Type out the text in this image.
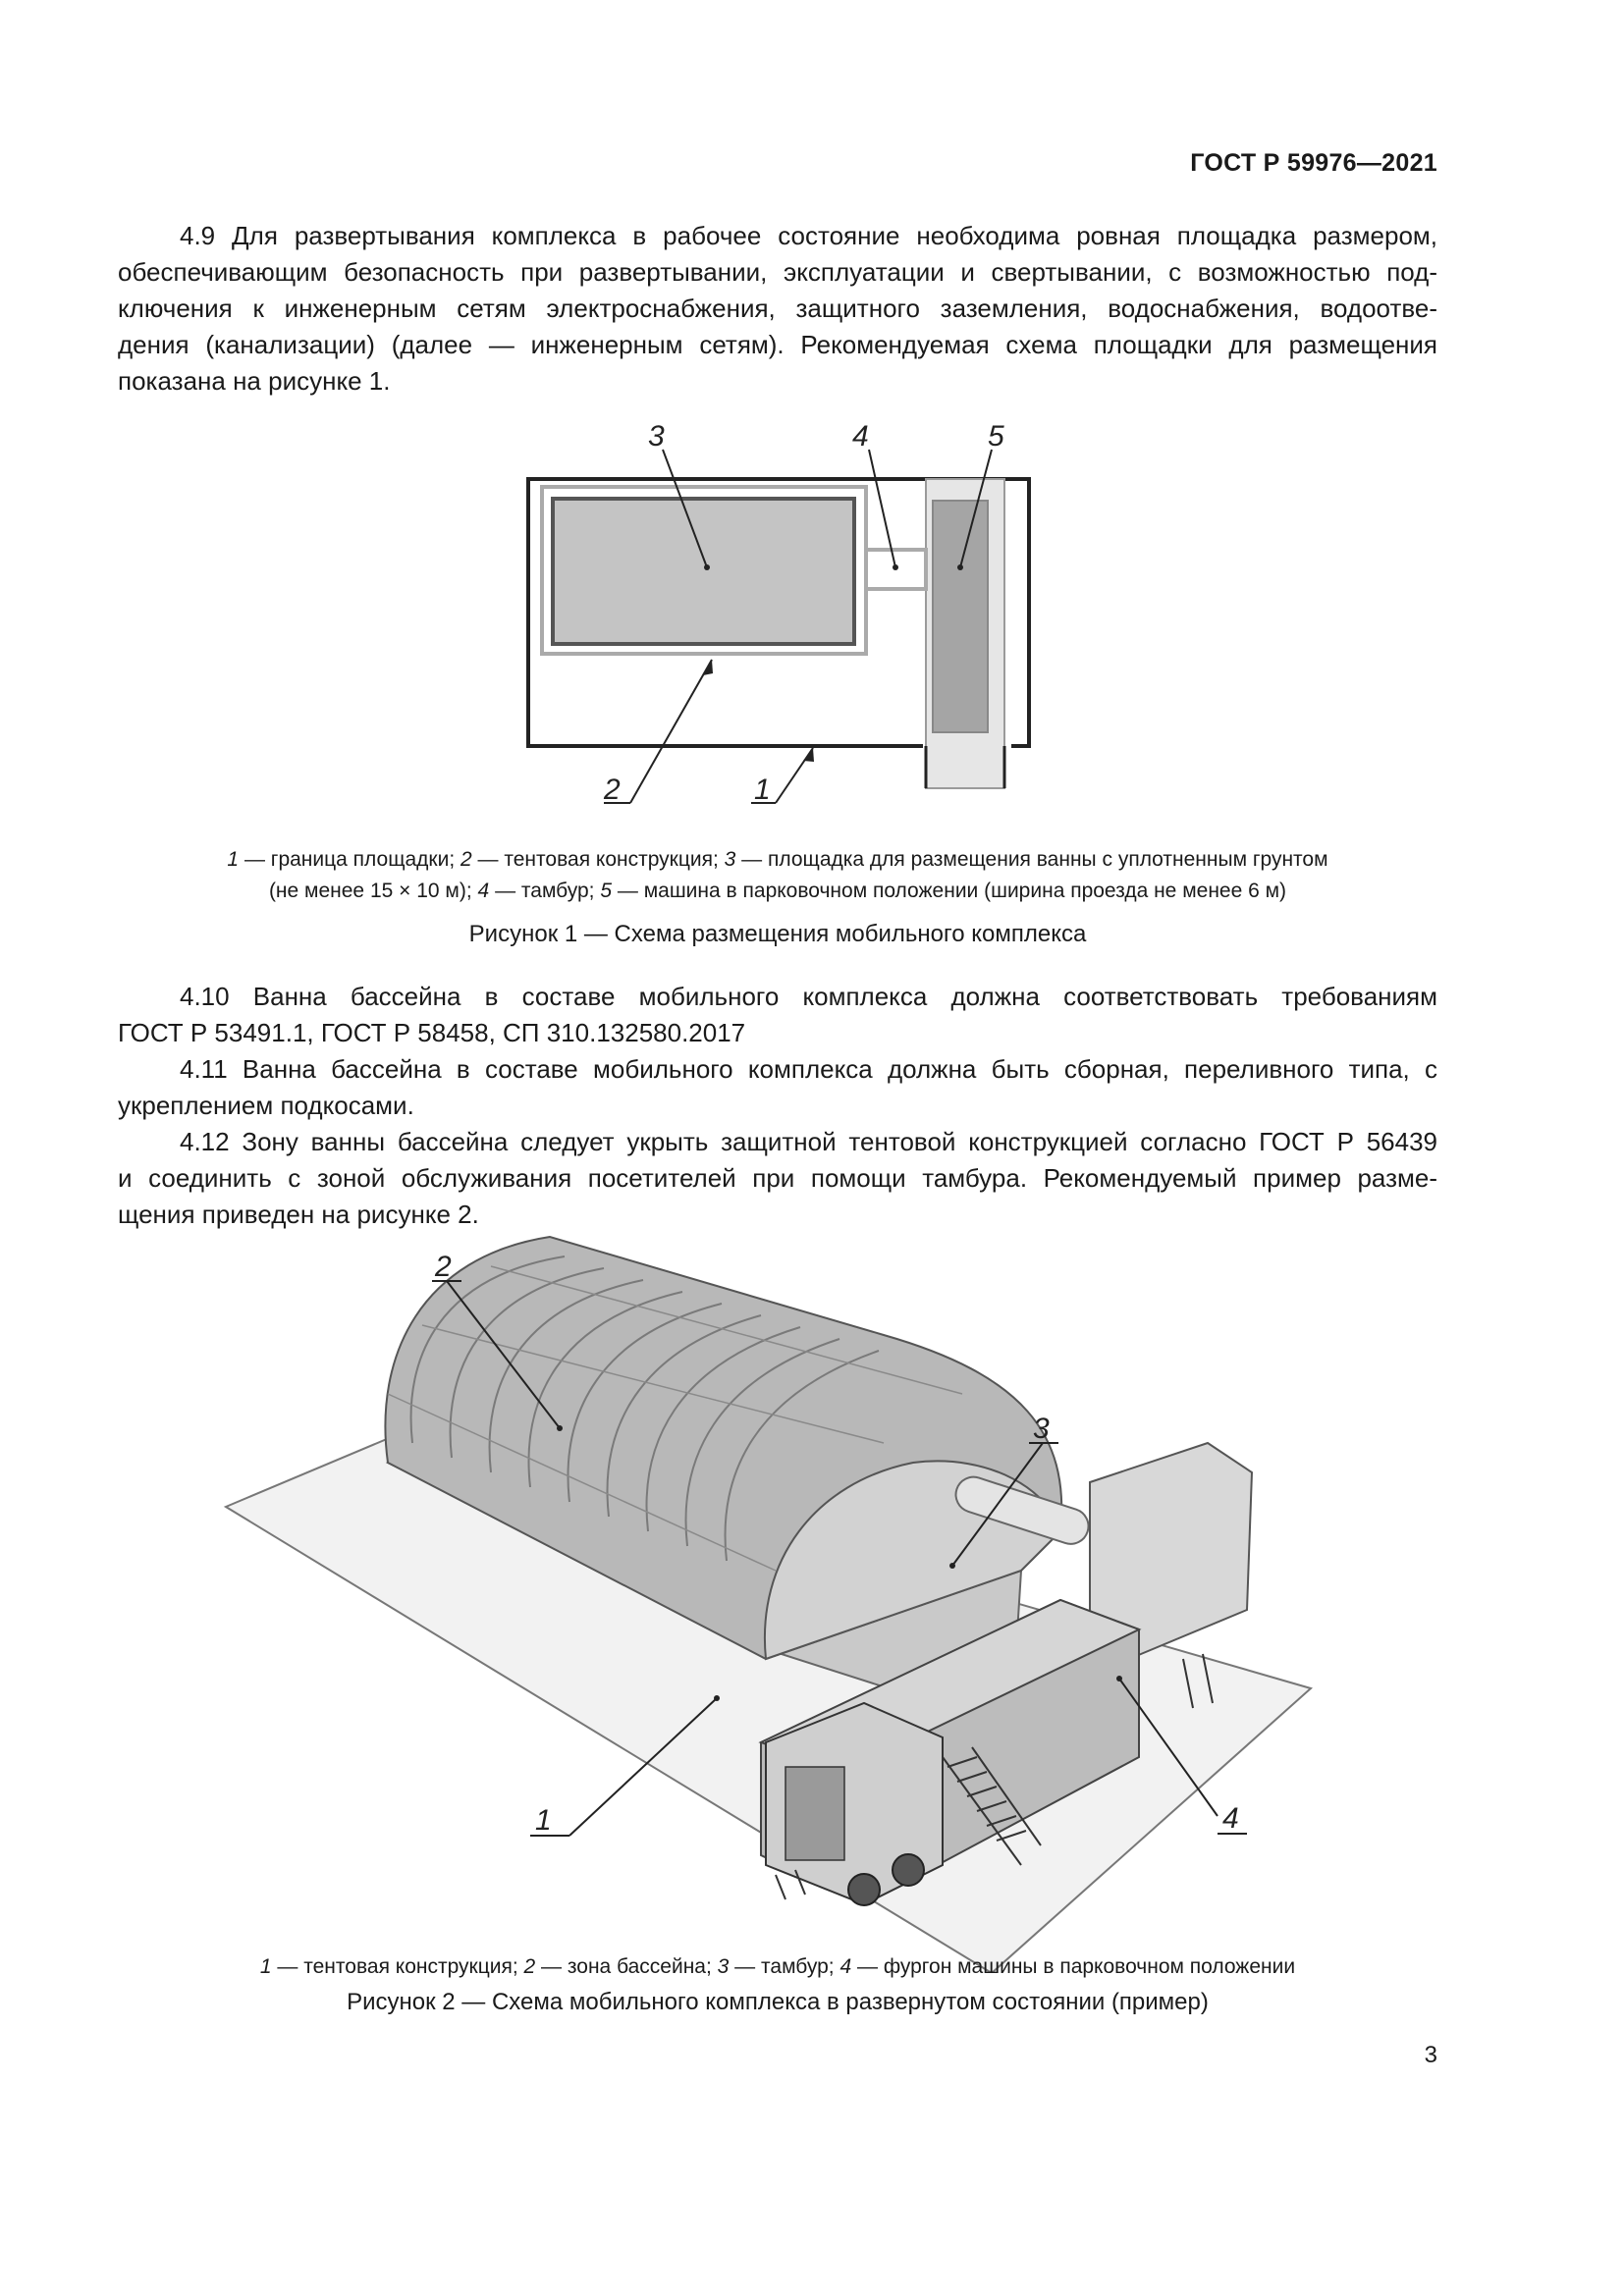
ГОСТ Р 59976—2021
4.9 Для развертывания комплекса в рабочее состояние необходима ровная площадка размером,
обеспечивающим безопасность при развертывании, эксплуатации и свертывании, с возможностью под-
ключения к инженерным сетям электроснабжения, защитного заземления, водоснабжения, водоотве-
дения (канализации) (далее — инженерным сетям). Рекомендуемая схема площадки для размещения
показана на рисунке 1.
3	4	5
2	1
1 — граница площадки; 2 — тентовая конструкция; 3 — площадка для размещения ванны с уплотненным грунтом
(не менее 15 × 10 м); 4 — тамбур; 5 — машина в парковочном положении (ширина проезда не менее 6 м)
Рисунок 1 — Схема размещения мобильного комплекса
4.10 Ванна бассейна в составе мобильного комплекса должна соответствовать требованиям
ГОСТ Р 53491.1, ГОСТ Р 58458, СП 310.132580.2017
4.11 Ванна бассейна в составе мобильного комплекса должна быть сборная, переливного типа, с
укреплением подкосами.
4.12 Зону ванны бассейна следует укрыть защитной тентовой конструкцией согласно ГОСТ Р 56439
и соединить с зоной обслуживания посетителей при помощи тамбура. Рекомендуемый пример разме-
щения приведен на рисунке 2.
2
3
4
1
1 — тентовая конструкция; 2 — зона бассейна; 3 — тамбур; 4 — фургон машины в парковочном положении
Рисунок 2 — Схема мобильного комплекса в развернутом состоянии (пример)
3
